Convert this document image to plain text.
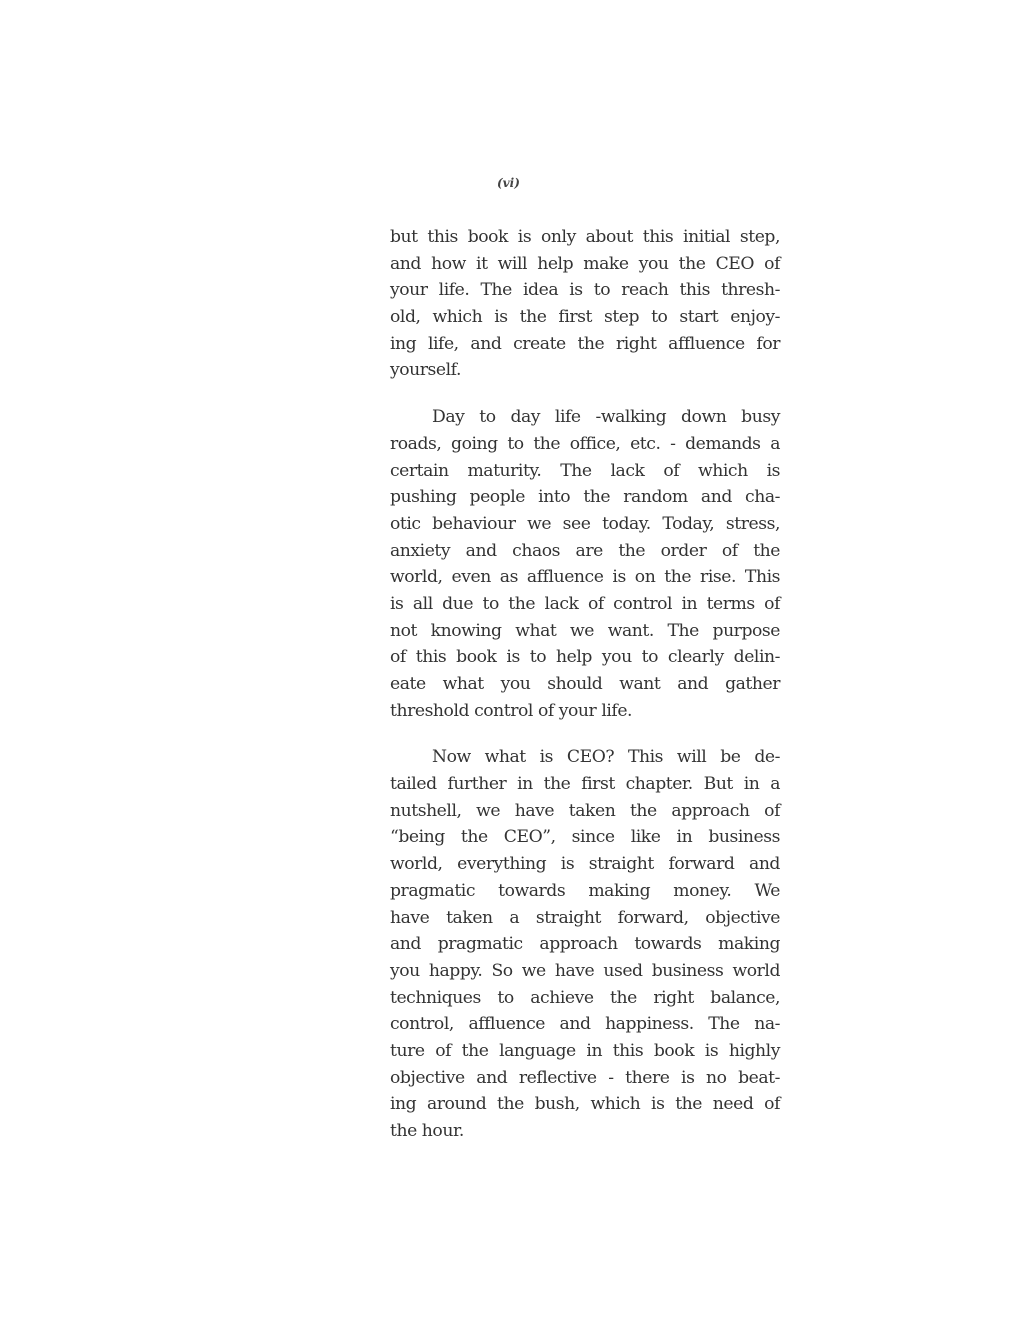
(vi)
but this book is only about this initial step,
and how it will help make you the CEO of
your life. The idea is to reach this thresh-
old, which is the first step to start enjoy-
ing life, and create the right affluence for
yourself.
Day to day life -walking down busy
roads, going to the office, etc. - demands a
certain maturity. The lack of which is
pushing people into the random and cha-
otic behaviour we see today. Today, stress,
anxiety and chaos are the order of the
world, even as affluence is on the rise. This
is all due to the lack of control in terms of
not knowing what we want. The purpose
of this book is to help you to clearly delin-
eate what you should want and gather
threshold control of your life.
Now what is CEO? This will be de-
tailed further in the first chapter. But in a
nutshell, we have taken the approach of
“being the CEO”, since like in business
world, everything is straight forward and
pragmatic towards making money. We
have taken a straight forward, objective
and pragmatic approach towards making
you happy. So we have used business world
techniques to achieve the right balance,
control, affluence and happiness. The na-
ture of the language in this book is highly
objective and reflective - there is no beat-
ing around the bush, which is the need of
the hour.
